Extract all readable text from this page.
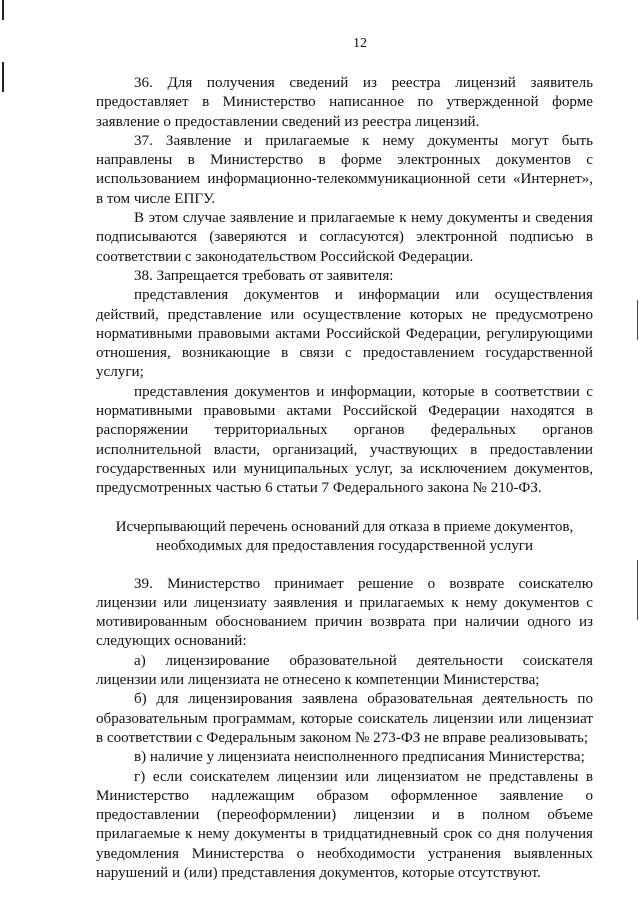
12

36. Для получения сведений из реестра лицензий заявитель предоставляет в Министерство написанное по утвержденной форме заявление о предоставлении сведений из реестра лицензий.

37. Заявление и прилагаемые к нему документы могут быть направлены в Министерство в форме электронных документов с использованием информационно-телекоммуникационной сети «Интернет», в том числе ЕПГУ.

В этом случае заявление и прилагаемые к нему документы и сведения подписываются (заверяются и согласуются) электронной подписью в соответствии с законодательством Российской Федерации.

38. Запрещается требовать от заявителя:

представления документов и информации или осуществления действий, представление или осуществление которых не предусмотрено нормативными правовыми актами Российской Федерации, регулирующими отношения, возникающие в связи с предоставлением государственной услуги;

представления документов и информации, которые в соответствии с нормативными правовыми актами Российской Федерации находятся в распоряжении территориальных органов федеральных органов исполнительной власти, организаций, участвующих в предоставлении государственных или муниципальных услуг, за исключением документов, предусмотренных частью 6 статьи 7 Федерального закона № 210-ФЗ.

Исчерпывающий перечень оснований для отказа в приеме документов,
необходимых для предоставления государственной услуги

39. Министерство принимает решение о возврате соискателю лицензии или лицензиату заявления и прилагаемых к нему документов с мотивированным обоснованием причин возврата при наличии одного из следующих оснований:

а) лицензирование образовательной деятельности соискателя лицензии или лицензиата не отнесено к компетенции Министерства;

б) для лицензирования заявлена образовательная деятельность по образовательным программам, которые соискатель лицензии или лицензиат в соответствии с Федеральным законом № 273-ФЗ не вправе реализовывать;

в) наличие у лицензиата неисполненного предписания Министерства;

г) если соискателем лицензии или лицензиатом не представлены в Министерство надлежащим образом оформленное заявление о предоставлении (переоформлении) лицензии и в полном объеме прилагаемые к нему документы в тридцатидневный срок со дня получения уведомления Министерства о необходимости устранения выявленных нарушений и (или) представления документов, которые отсутствуют.
